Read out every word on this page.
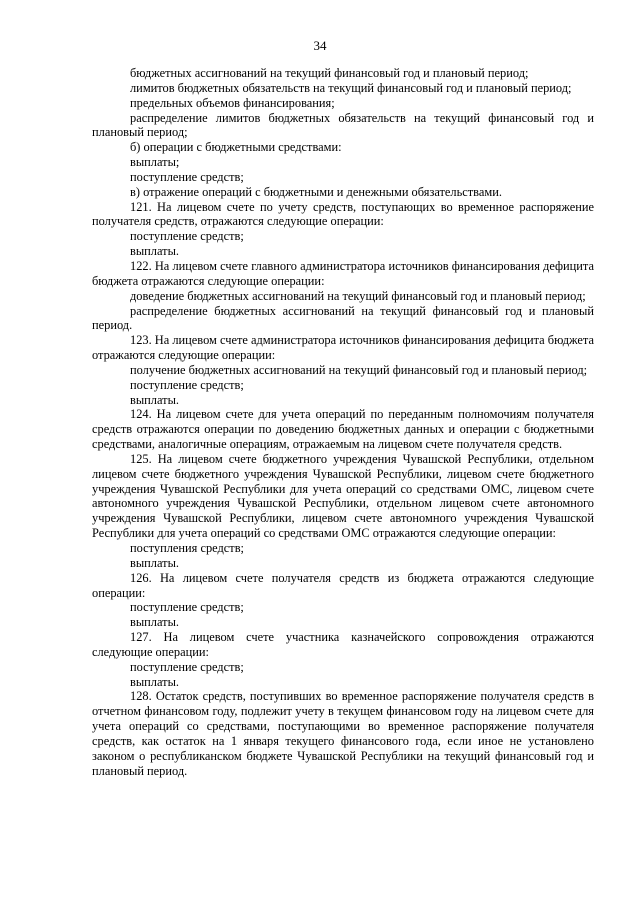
34

бюджетных ассигнований на текущий финансовый год и плановый период;

лимитов бюджетных обязательств на текущий финансовый год и плановый период;

предельных объемов финансирования;

распределение лимитов бюджетных обязательств на текущий финансовый год и плановый период;

б) операции с бюджетными средствами:

выплаты;

поступление средств;

в) отражение операций с бюджетными и денежными обязательствами.

121. На лицевом счете по учету средств, поступающих во временное распоряжение получателя средств, отражаются следующие операции:

поступление средств;

выплаты.

122. На лицевом счете главного администратора источников финансирования дефицита бюджета отражаются следующие операции:

доведение бюджетных ассигнований на текущий финансовый год и плановый период;

распределение бюджетных ассигнований на текущий финансовый год и плановый период.

123. На лицевом счете администратора источников финансирования дефицита бюджета отражаются следующие операции:

получение бюджетных ассигнований на текущий финансовый год и плановый период;

поступление средств;

выплаты.

124. На лицевом счете для учета операций по переданным полномочиям получателя средств отражаются операции по доведению бюджетных данных и операции с бюджетными средствами, аналогичные операциям, отражаемым на лицевом счете получателя средств.

125. На лицевом счете бюджетного учреждения Чувашской Республики, отдельном лицевом счете бюджетного учреждения Чувашской Республики, лицевом счете бюджетного учреждения Чувашской Республики для учета операций со средствами ОМС, лицевом счете автономного учреждения Чувашской Республики, отдельном лицевом счете автономного учреждения Чувашской Республики, лицевом счете автономного учреждения Чувашской Республики для учета операций со средствами ОМС отражаются следующие операции:

поступления средств;

выплаты.

126. На лицевом счете получателя средств из бюджета отражаются следующие операции:

поступление средств;

выплаты.

127. На лицевом счете участника казначейского сопровождения отражаются следующие операции:

поступление средств;

выплаты.

128. Остаток средств, поступивших во временное распоряжение получателя средств в отчетном финансовом году, подлежит учету в текущем финансовом году на лицевом счете для учета операций со средствами, поступающими во временное распоряжение получателя средств, как остаток на 1 января текущего финансового года, если иное не установлено законом о республиканском бюджете Чувашской Республики на текущий финансовый год и плановый период.
